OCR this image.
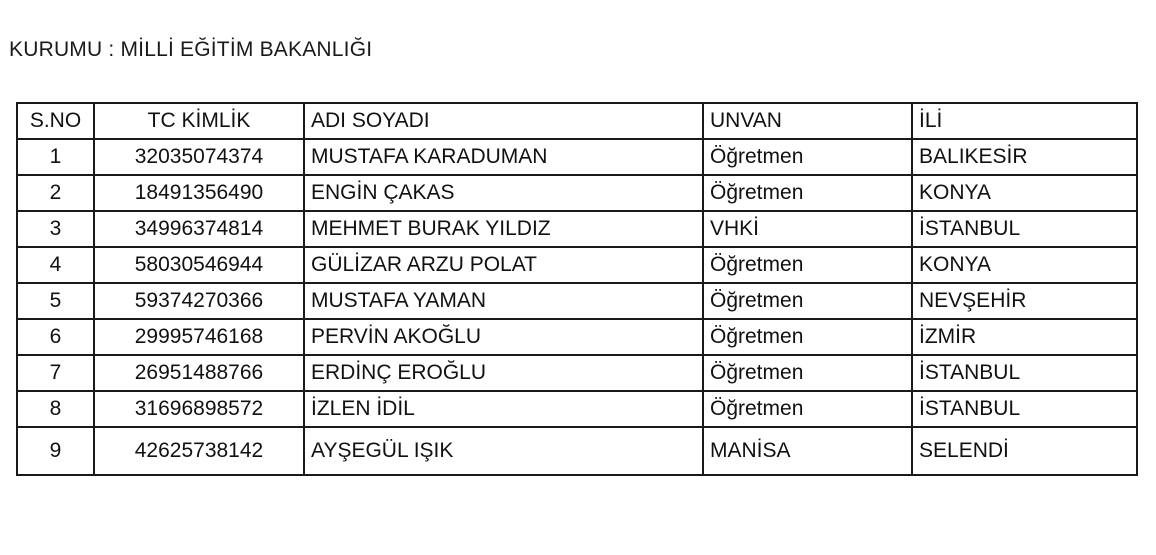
KURUMU : MİLLİ EĞİTİM BAKANLIĞI
S.NO	TC KİMLİK	ADI SOYADI	UNVAN	İLİ
1	32035074374	MUSTAFA KARADUMAN	Öğretmen	BALIKESİR
2	18491356490	ENGİN ÇAKAS	Öğretmen	KONYA
3	34996374814	MEHMET BURAK YILDIZ	VHKİ	İSTANBUL
4	58030546944	GÜLİZAR ARZU POLAT	Öğretmen	KONYA
5	59374270366	MUSTAFA YAMAN	Öğretmen	NEVŞEHİR
6	29995746168	PERVİN AKOĞLU	Öğretmen	İZMİR
7	26951488766	ERDİNÇ EROĞLU	Öğretmen	İSTANBUL
8	31696898572	İZLEN İDİL	Öğretmen	İSTANBUL
9	42625738142	AYŞEGÜL IŞIK	MANİSA	SELENDİ
